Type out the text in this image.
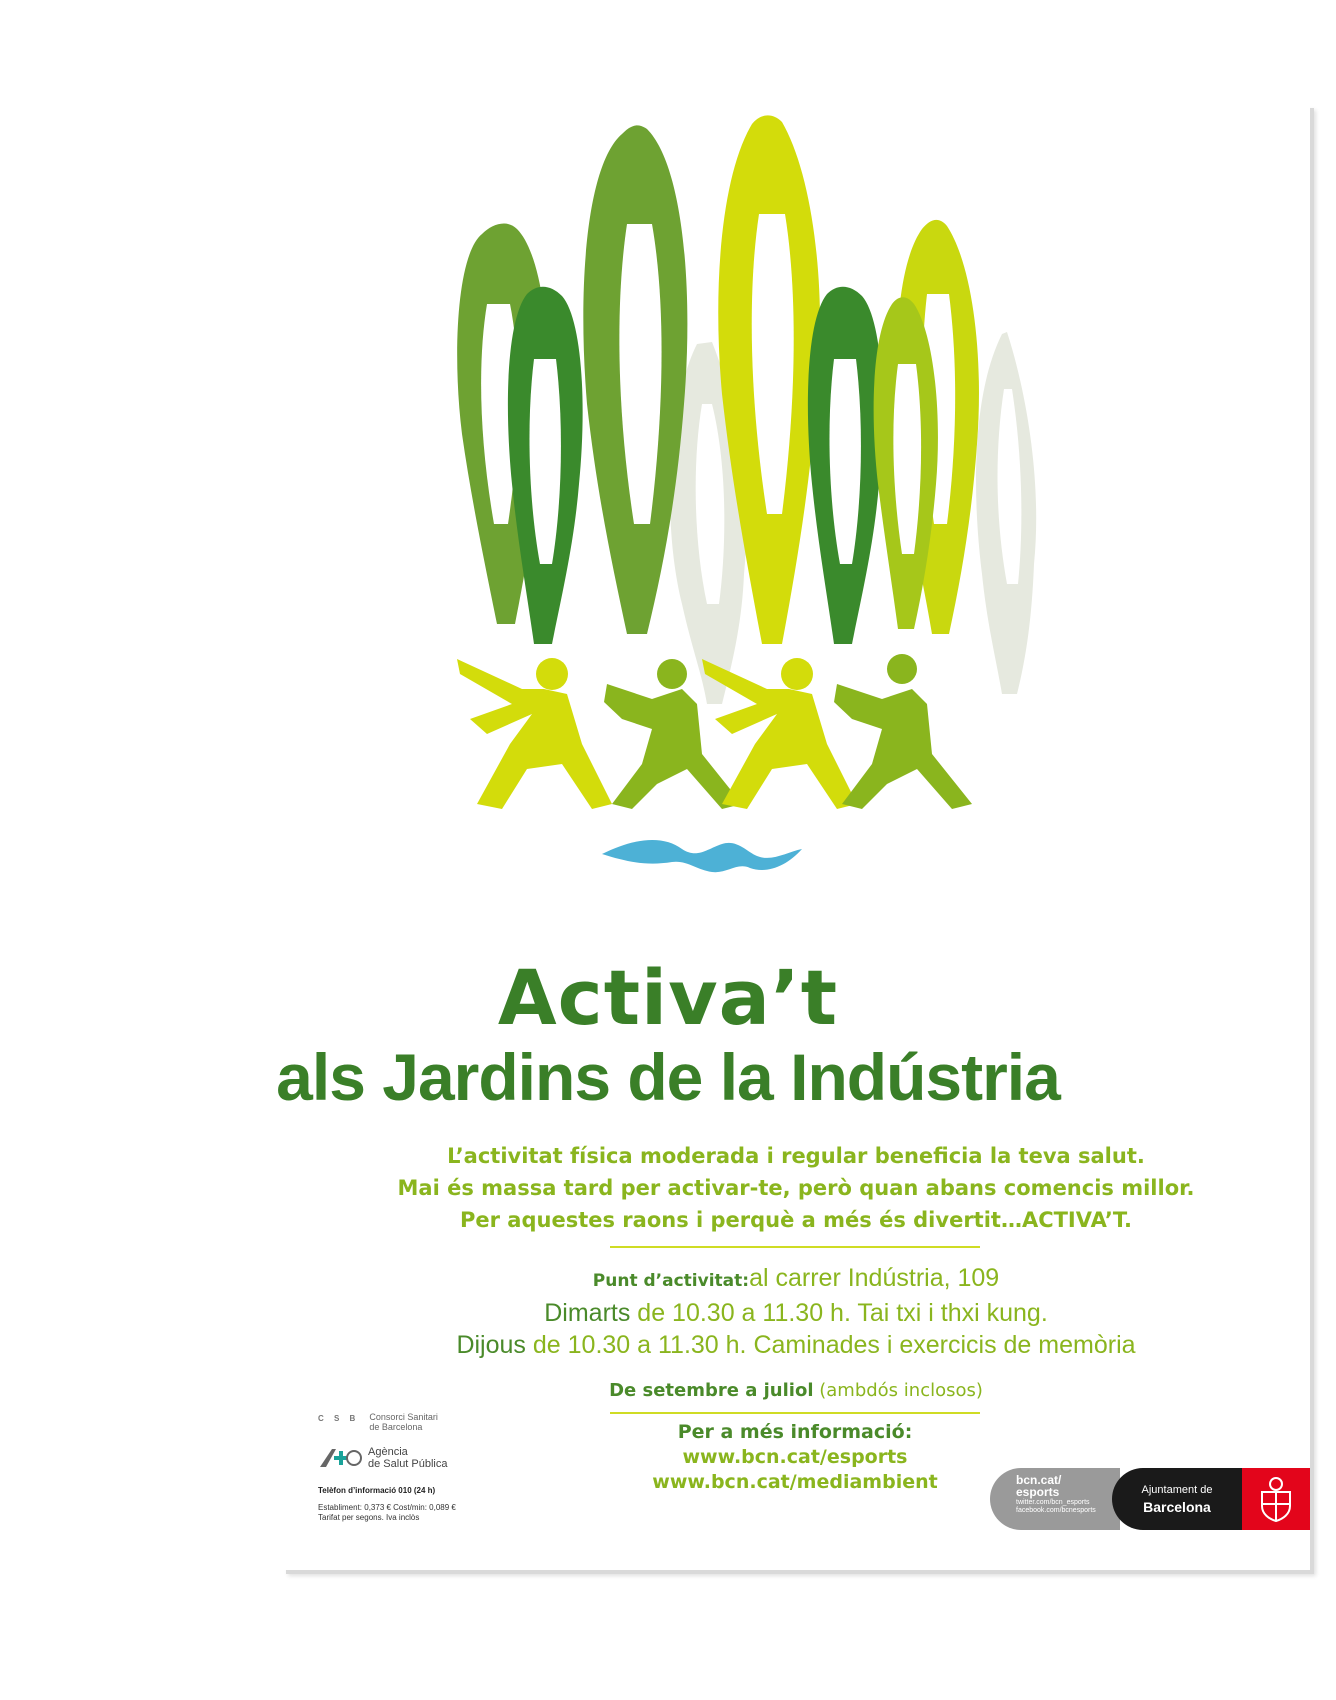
Activa’t
als Jardins de la Indústria

L’activitat física moderada i regular beneficia la teva salut.

Mai és massa tard per activar-te, però quan abans comencis millor.

Per aquestes raons i perquè a més és divertit…ACTIVA’T.

Punt d’activitat:al carrer Indústria, 109

Dimarts de 10.30 a 11.30 h. Tai txi i thxi kung.

Dijous de 10.30 a 11.30 h. Caminades i exercicis de memòria

De setembre a juliol (ambdós inclosos)

Per a més informació:

www.bcn.cat/esports

www.bcn.cat/mediambient

C S B Consorci Sanitari
de Barcelona
Agència
de Salut Pública
Telèfon d’informació 010 (24 h)
Establiment: 0,373 € Cost/min: 0,089 €
Tarifat per segons. Iva inclòs
bcn.cat/
esports
twitter.com/bcn_esports
facebook.com/bcnesports
Ajuntament de
Barcelona
